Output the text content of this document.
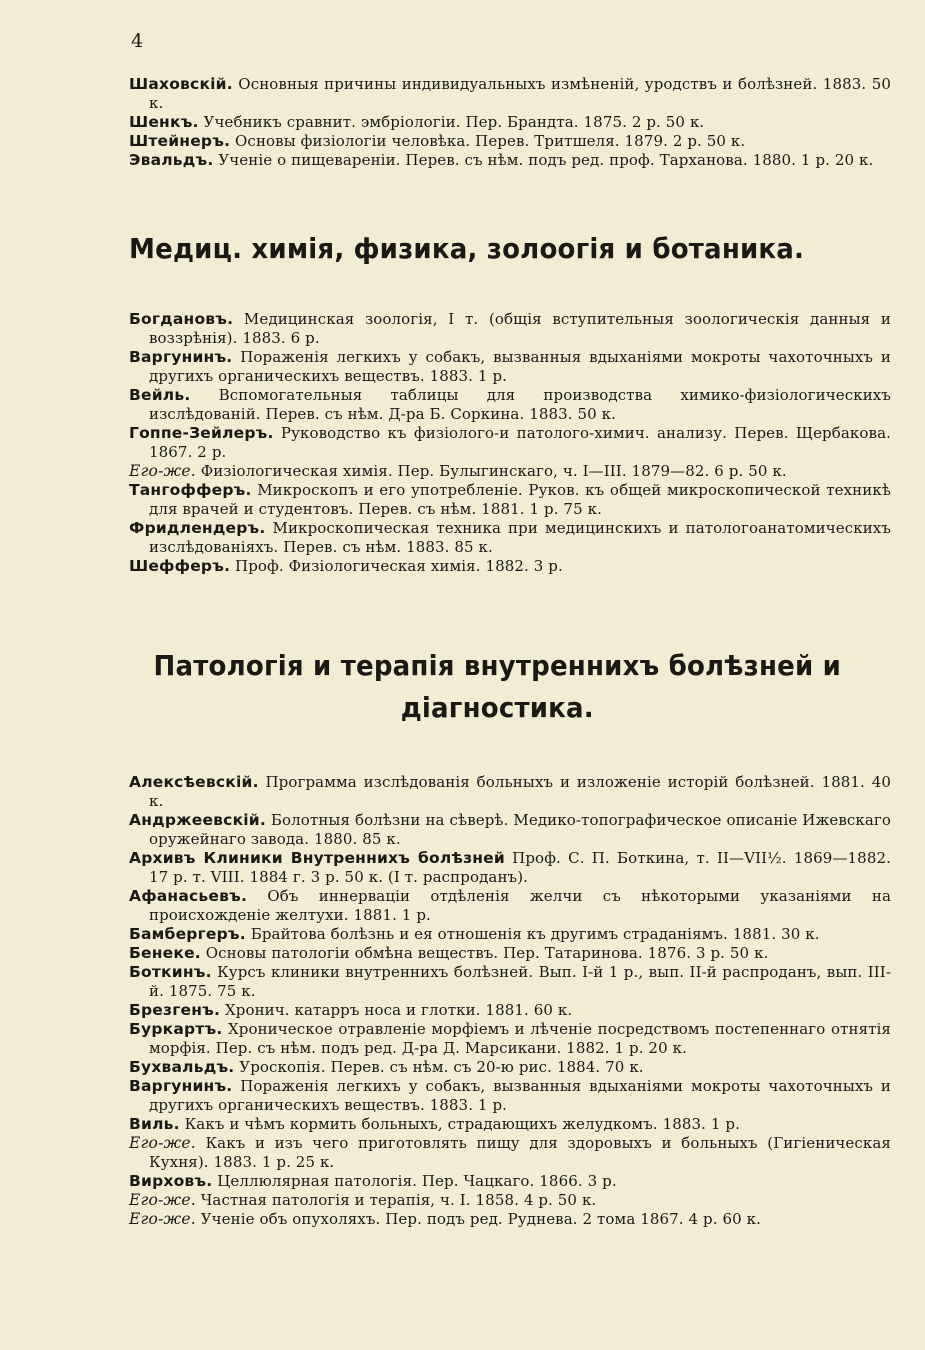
4
Шаховскій. Основныя причины индивидуальныхъ измѣненій, уродствъ и болѣзней. 1883. 50 к.
Шенкъ. Учебникъ сравнит. эмбріологіи. Пер. Брандта. 1875. 2 р. 50 к.
Штейнеръ. Основы физіологіи человѣка. Перев. Тритшеля. 1879. 2 р. 50 к.
Эвальдъ. Ученіе о пищевареніи. Перев. съ нѣм. подъ ред. проф. Тарханова. 1880. 1 р. 20 к.
Медиц. химія, физика, золоогія и ботаника.
Богдановъ. Медицинская зоологія, I т. (общія вступительныя зоологическія данныя и воззрѣнія). 1883. 6 р.
Варгунинъ. Пораженія легкихъ у собакъ, вызванныя вдыханіями мокроты чахоточныхъ и другихъ органическихъ веществъ. 1883. 1 р.
Вейль. Вспомогательныя таблицы для производства химико-физіологическихъ изслѣдованій. Перев. съ нѣм. Д-ра Б. Соркина. 1883. 50 к.
Гоппе-Зейлеръ. Руководство къ физіолого-и патолого-химич. анализу. Перев. Щербакова. 1867. 2 р.
Его-же. Физіологическая химія. Пер. Булыгинскаго, ч. I—III. 1879—82. 6 р. 50 к.
Тангофферъ. Микроскопъ и его употребленіе. Руков. къ общей микроскопической техникѣ для врачей и студентовъ. Перев. съ нѣм. 1881. 1 р. 75 к.
Фридлендеръ. Микроскопическая техника при медицинскихъ и патологоанатомическихъ изслѣдованіяхъ. Перев. съ нѣм. 1883. 85 к.
Шефферъ. Проф. Физіологическая химія. 1882. 3 р.
Патологія и терапія внутреннихъ болѣзней и
діагностика.
Алексѣевскій. Программа изслѣдованія больныхъ и изложеніе исторій болѣзней. 1881. 40 к.
Андржеевскій. Болотныя болѣзни на сѣверѣ. Медико-топографическое описаніе Ижевскаго оружейнаго завода. 1880. 85 к.
Архивъ Клиники Внутреннихъ болѣзней Проф. С. П. Боткина, т. II—VII½. 1869—1882. 17 р. т. VIII. 1884 г. 3 р. 50 к. (I т. распроданъ).
Афанасьевъ. Объ иннерваціи отдѣленія желчи съ нѣкоторыми указаніями на происхожденіе желтухи. 1881. 1 р.
Бамбергеръ. Брайтова болѣзнь и ея отношенія къ другимъ страданіямъ. 1881. 30 к.
Бенеке. Основы патологіи обмѣна веществъ. Пер. Татаринова. 1876. 3 р. 50 к.
Боткинъ. Курсъ клиники внутреннихъ болѣзней. Вып. I-й 1 р., вып. II-й распроданъ, вып. III-й. 1875. 75 к.
Брезгенъ. Хронич. катарръ носа и глотки. 1881. 60 к.
Буркартъ. Хроническое отравленіе морфіемъ и лѣченіе посредствомъ постепеннаго отнятія морфія. Пер. съ нѣм. подъ ред. Д-ра Д. Марсикани. 1882. 1 р. 20 к.
Бухвальдъ. Уроскопія. Перев. съ нѣм. съ 20-ю рис. 1884. 70 к.
Варгунинъ. Пораженія легкихъ у собакъ, вызванныя вдыханіями мокроты чахоточныхъ и другихъ органическихъ веществъ. 1883. 1 р.
Виль. Какъ и чѣмъ кормить больныхъ, страдающихъ желудкомъ. 1883. 1 р.
Его-же. Какъ и изъ чего приготовлять пищу для здоровыхъ и больныхъ (Гигіеническая Кухня). 1883. 1 р. 25 к.
Вирховъ. Целлюлярная патологія. Пер. Чацкаго. 1866. 3 р.
Его-же. Частная патологія и терапія, ч. I. 1858. 4 р. 50 к.
Его-же. Ученіе объ опухоляхъ. Пер. подъ ред. Руднева. 2 тома 1867. 4 р. 60 к.
